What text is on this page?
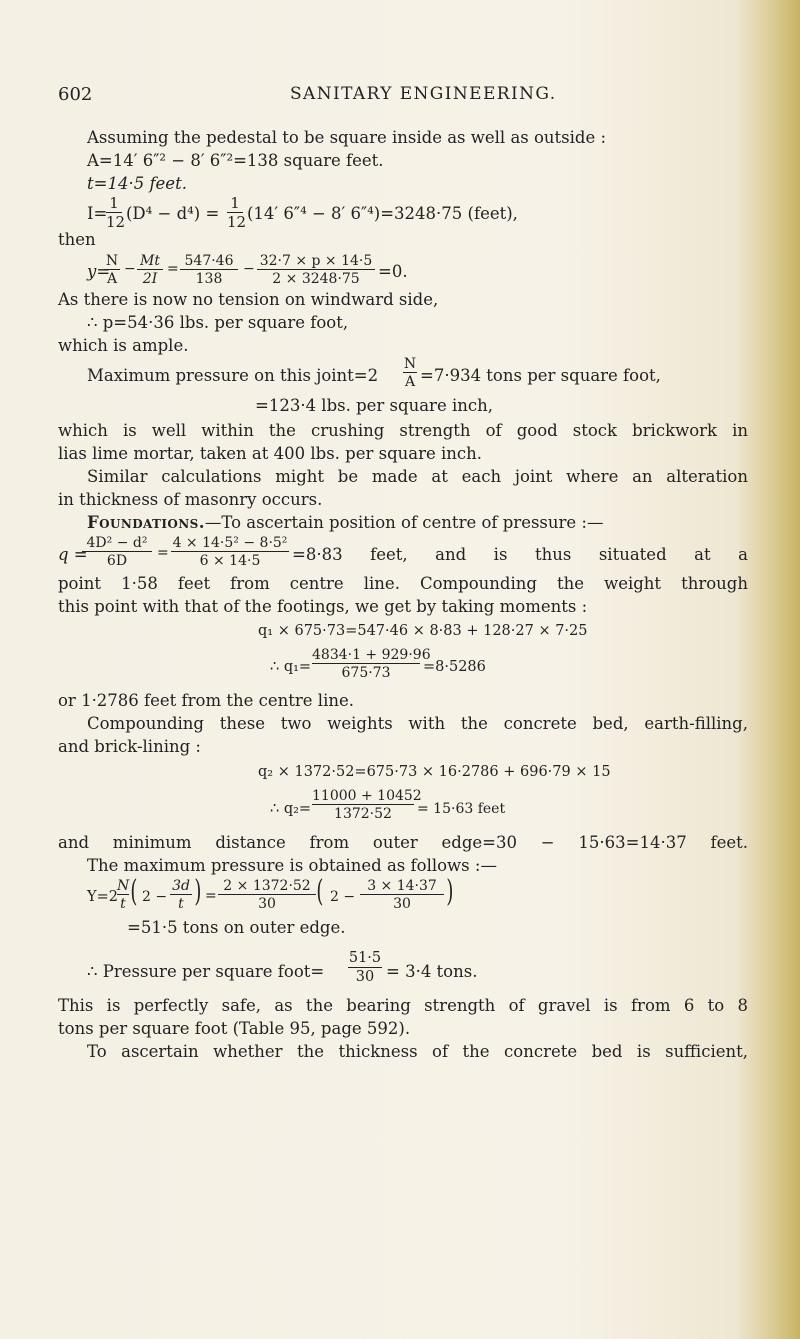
602	SANITARY ENGINEERING.
Assuming the pedestal to be square inside as well as outside :
A=14′ 6″² − 8′ 6″²=138 square feet.
t=14·5 feet.
I=
1
12 (D⁴ − d⁴) =
1
12 (14′ 6″⁴ − 8′ 6″⁴)=3248·75 (feet),
then
y=
N
A
− Mt
2I
= 547·46
138
− 32·7 × p × 14·5
2 × 3248·75	=0.
As there is now no tension on windward side,
∴ p=54·36 lbs. per square foot,
which is ample.
Maximum pressure on this joint=2
N
A =7·934 tons per square foot,
=123·4 lbs. per square inch,
which is well within the crushing strength of good stock brickwork in
lias lime mortar, taken at 400 lbs. per square inch.
Similar calculations might be made at each joint where an alteration
in thickness of masonry occurs.
Foundations.—To ascertain position of centre of pressure :—
q =
4D² − d²
6D	=
4 × 14·5² − 8·5²
6 × 14·5	=8·83 feet, and is thus situated at a
point 1·58 feet from centre line. Compounding the weight through
this point with that of the footings, we get by taking moments :
q₁ × 675·73=547·46 × 8·83 + 128·27 × 7·25
∴ q₁=
4834·1 + 929·96
675·73	=8·5286
or 1·2786 feet from the centre line.
Compounding these two weights with the concrete bed, earth-filling,
and brick-lining :
q₂ × 1372·52=675·73 × 16·2786 + 696·79 × 15
∴ q₂=
11000 + 10452
1372·52	= 15·63 feet
and minimum distance from outer edge=30 − 15·63=14·37 feet.
The maximum pressure is obtained as follows :—
Y=2
N
t ( 2 −
3d
t ) =
2 × 1372·52
30	( 2 −
3 × 14·37
30	)
=51·5 tons on outer edge.
∴ Pressure per square foot=
51·5
30 = 3·4 tons.
This is perfectly safe, as the bearing strength of gravel is from 6 to 8
tons per square foot (Table 95, page 592).
To ascertain whether the thickness of the concrete bed is sufficient,
